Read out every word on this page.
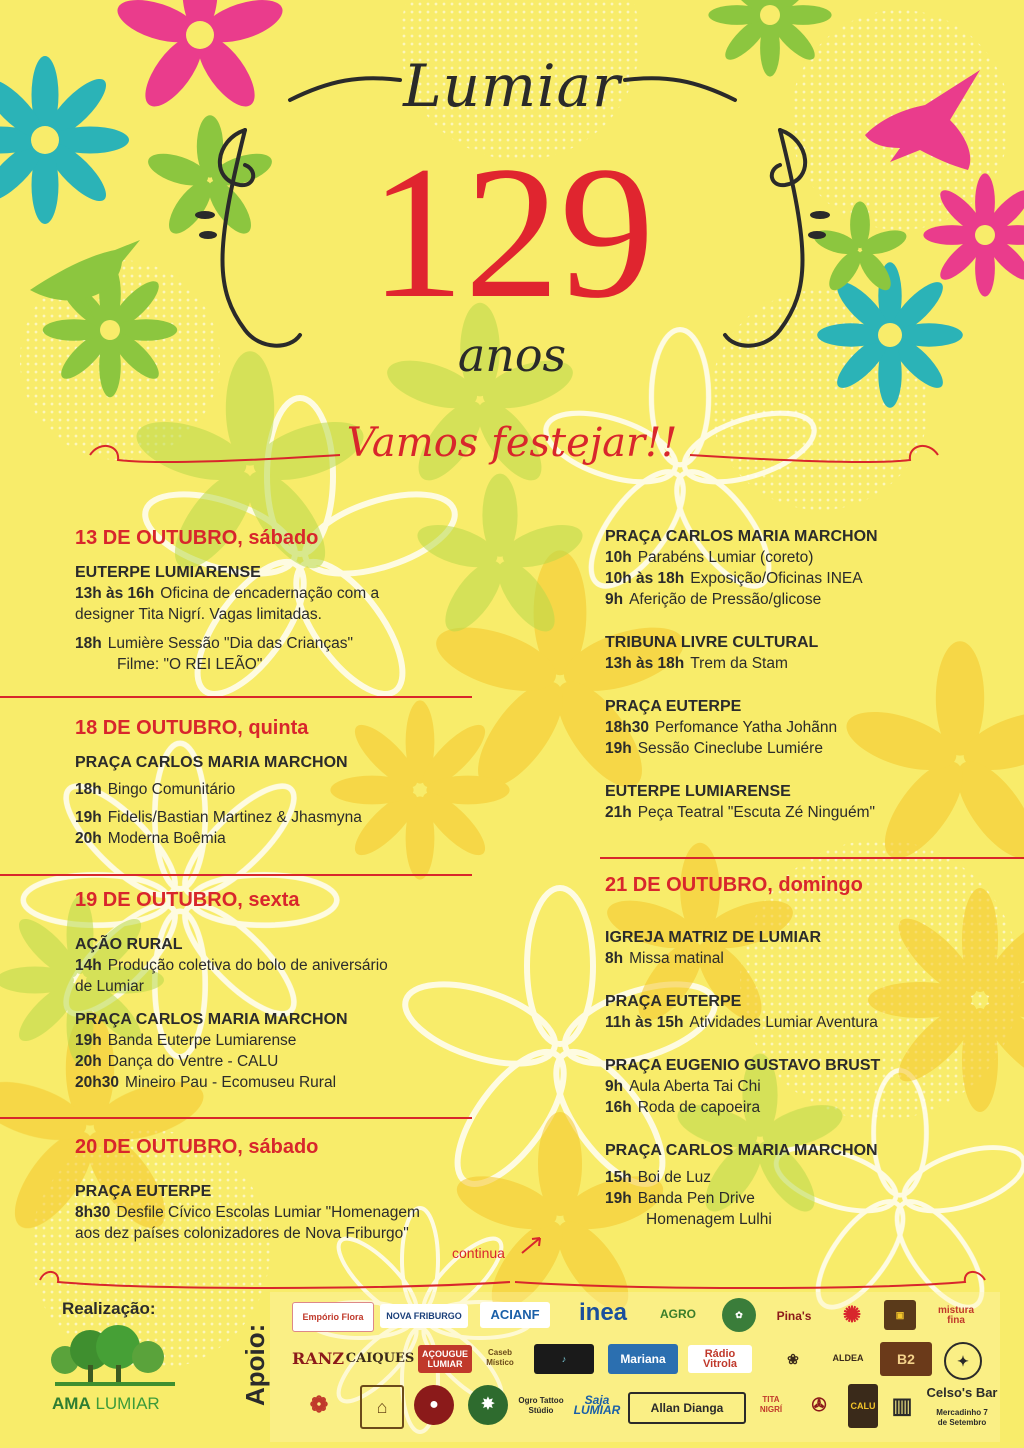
Lumiar
129
anos
Vamos festejar!!
13 DE OUTUBRO, sábado
EUTERPE LUMIARENSE
13h às 16h Oficina de encadernação com a
designer Tita Nigrí. Vagas limitadas.
18h Lumière Sessão "Dia das Crianças"
Filme: "O REI LEÃO"
18 DE OUTUBRO, quinta
PRAÇA CARLOS MARIA MARCHON
18h Bingo Comunitário
19h Fidelis/Bastian Martinez & Jhasmyna
20h Moderna Boêmia
19 DE OUTUBRO, sexta
AÇÃO RURAL
14h Produção coletiva do bolo de aniversário
de Lumiar
PRAÇA CARLOS MARIA MARCHON
19h Banda Euterpe Lumiarense
20h Dança do Ventre - CALU
20h30 Mineiro Pau - Ecomuseu Rural
20 DE OUTUBRO, sábado
PRAÇA EUTERPE
8h30 Desfile Cívico Escolas Lumiar "Homenagem
aos dez países colonizadores de Nova Friburgo"
continua
PRAÇA CARLOS MARIA MARCHON
10h Parabéns Lumiar (coreto)
10h às 18h Exposição/Oficinas INEA
9h Aferição de Pressão/glicose
TRIBUNA LIVRE CULTURAL
13h às 18h Trem da Stam
PRAÇA EUTERPE
18h30 Perfomance Yatha Johãnn
19h Sessão Cineclube Lumiére
EUTERPE LUMIARENSE
21h Peça Teatral "Escuta Zé Ninguém"
21 DE OUTUBRO, domingo
IGREJA MATRIZ DE LUMIAR
8h Missa matinal
PRAÇA EUTERPE
11h às 15h Atividades Lumiar Aventura
PRAÇA EUGENIO GUSTAVO BRUST
9h Aula Aberta Tai Chi
16h Roda de capoeira
PRAÇA CARLOS MARIA MARCHON
15h Boi de Luz
19h Banda Pen Drive
Homenagem Lulhi
Realização:
AMA LUMIAR	Apoio:
Empório Flora	NOVA FRIBURGO	ACIANF	inea	AGRO	✿	Pina's	✺	▣	mistura fina
RANZ CAIQUES AÇOUGUE LUMIAR
Caseb Místico	♪	Mariana	Rádio Vitrola	❀	ALDEA	B2	✦
❁	⌂	●	✸	Ogro Tattoo Stúdio
Saja LUMIAR	Allan Dianga
TITA NIGRÍ	✇	CALU ▥
Celso's Bar
Mercadinho 7 de Setembro
